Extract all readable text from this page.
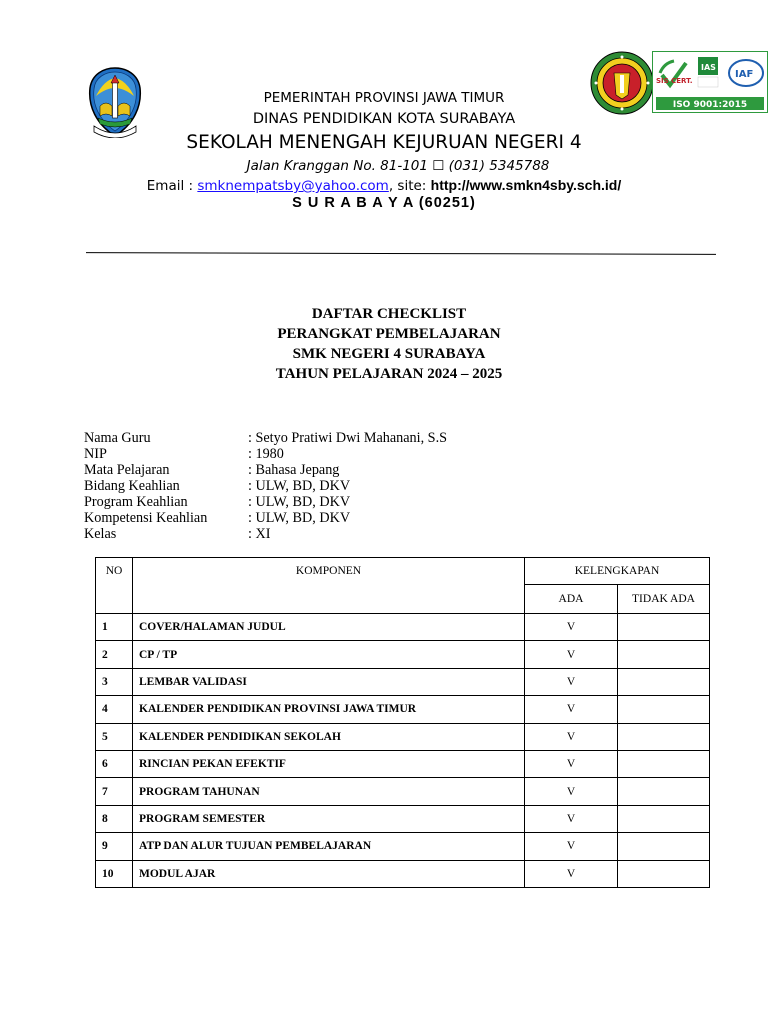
SIS CERT.
IAS
IAF
ISO 9001:2015
PEMERINTAH PROVINSI JAWA TIMUR
DINAS PENDIDIKAN KOTA SURABAYA
SEKOLAH MENENGAH KEJURUAN NEGERI 4
Jalan Kranggan No. 81-101 ☐ (031) 5345788
Email : smknempatsby@yahoo.com, site: http://www.smkn4sby.sch.id/
S U R A B A Y A (60251)
DAFTAR CHECKLIST
PERANGKAT PEMBELAJARAN
SMK NEGERI 4 SURABAYA
TAHUN PELAJARAN 2024 – 2025
Nama Guru	: Setyo Pratiwi Dwi Mahanani, S.S
NIP	: 1980
Mata Pelajaran	: Bahasa Jepang
Bidang Keahlian	: ULW, BD, DKV
Program Keahlian	: ULW, BD, DKV
Kompetensi Keahlian	: ULW, BD, DKV
Kelas	: XI
NO	KOMPONEN	KELENGKAPAN	
		ADA	TIDAK ADA
1	COVER/HALAMAN JUDUL	V	
2	CP / TP	V	
3	LEMBAR VALIDASI	V	
4	KALENDER PENDIDIKAN PROVINSI JAWA TIMUR	V	
5	KALENDER PENDIDIKAN SEKOLAH	V	
6	RINCIAN PEKAN EFEKTIF	V	
7	PROGRAM TAHUNAN	V	
8	PROGRAM SEMESTER	V	
9	ATP DAN ALUR TUJUAN PEMBELAJARAN	V	
10	MODUL AJAR	V	
